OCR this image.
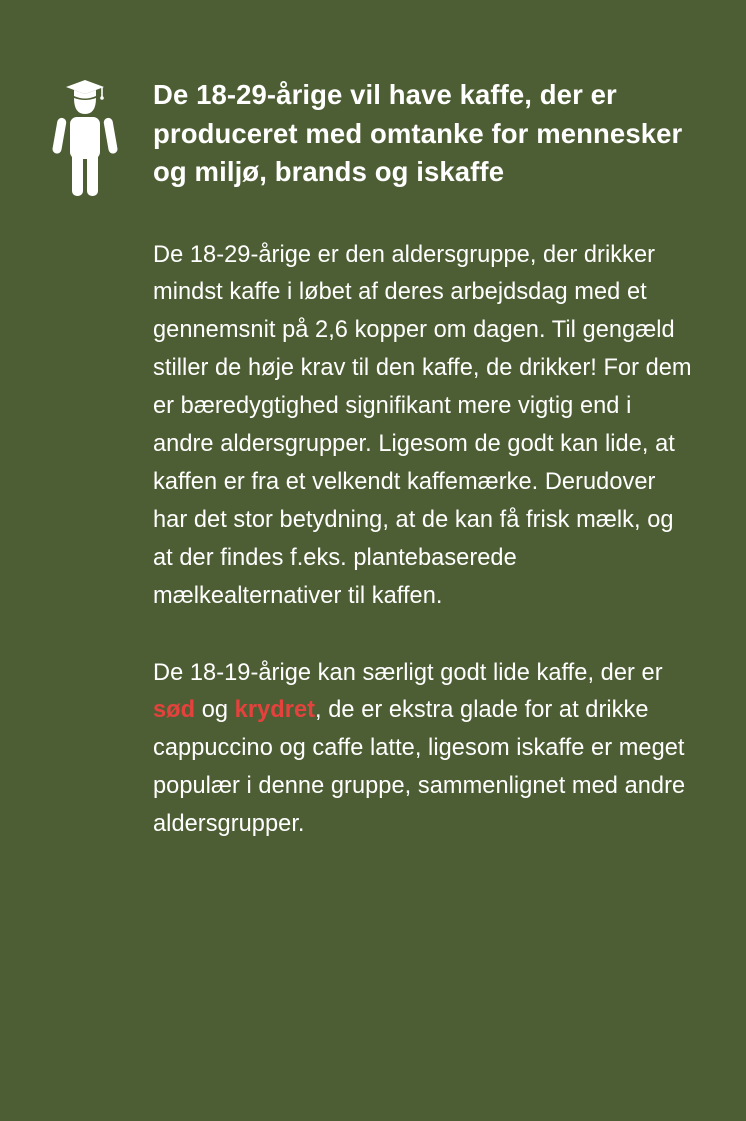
De 18-29-årige vil have kaffe, der er produceret med omtanke for mennesker og miljø, brands og iskaffe

De 18-29-årige er den aldersgruppe, der drikker mindst kaffe i løbet af deres arbejdsdag med et gennemsnit på 2,6 kopper om dagen. Til gengæld stiller de høje krav til den kaffe, de drikker! For dem er bæredygtighed signifikant mere vigtig end i andre aldersgrupper. Ligesom de godt kan lide, at kaffen er fra et velkendt kaffemærke. Derudover har det stor betydning, at de kan få frisk mælk, og at der findes f.eks. plantebaserede mælkealternativer til kaffen.

De 18-19-årige kan særligt godt lide kaffe, der er sød og krydret, de er ekstra glade for at drikke cappuccino og caffe latte, ligesom iskaffe er meget populær i denne gruppe, sammenlignet med andre aldersgrupper.
